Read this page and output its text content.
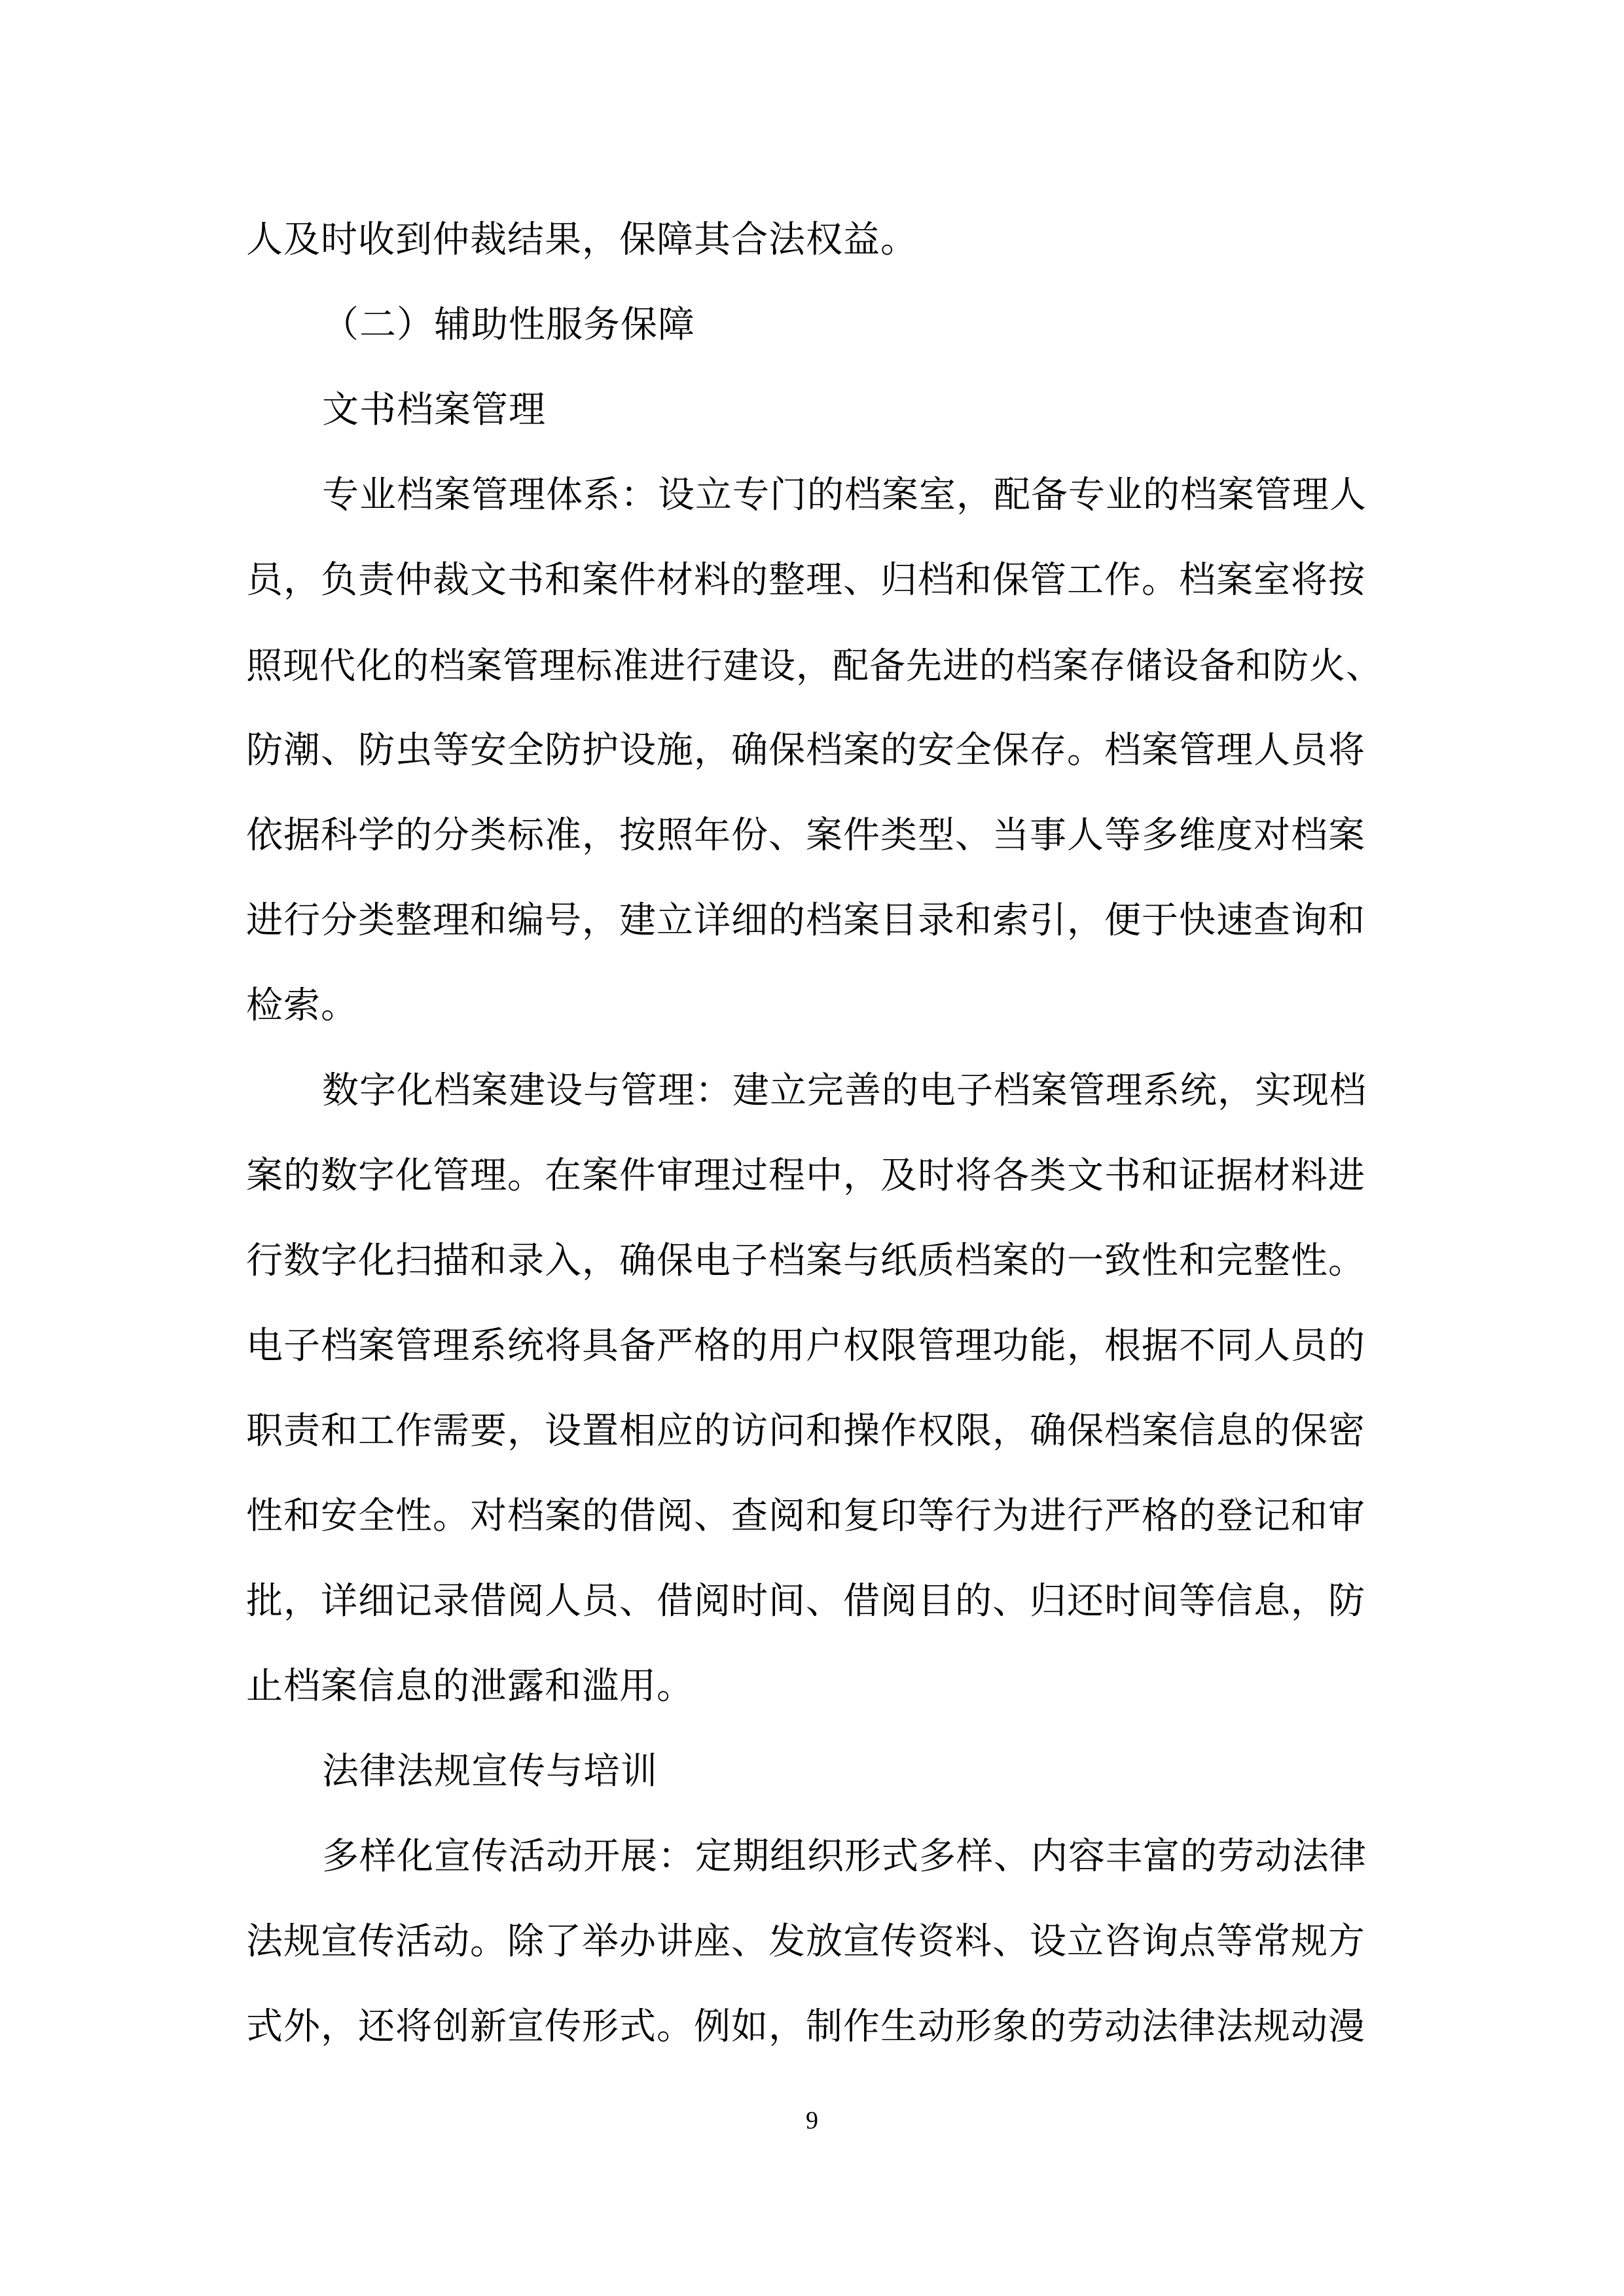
人及时收到仲裁结果，保障其合法权益。
（二）辅助性服务保障
文书档案管理
专业档案管理体系：设立专门的档案室，配备专业的档案管理人
员，负责仲裁文书和案件材料的整理、归档和保管工作。档案室将按
照现代化的档案管理标准进行建设，配备先进的档案存储设备和防火、
防潮、防虫等安全防护设施，确保档案的安全保存。档案管理人员将
依据科学的分类标准，按照年份、案件类型、当事人等多维度对档案
进行分类整理和编号，建立详细的档案目录和索引，便于快速查询和
检索。
数字化档案建设与管理：建立完善的电子档案管理系统，实现档
案的数字化管理。在案件审理过程中，及时将各类文书和证据材料进
行数字化扫描和录入，确保电子档案与纸质档案的一致性和完整性。
电子档案管理系统将具备严格的用户权限管理功能，根据不同人员的
职责和工作需要，设置相应的访问和操作权限，确保档案信息的保密
性和安全性。对档案的借阅、查阅和复印等行为进行严格的登记和审
批，详细记录借阅人员、借阅时间、借阅目的、归还时间等信息，防
止档案信息的泄露和滥用。
法律法规宣传与培训
多样化宣传活动开展：定期组织形式多样、内容丰富的劳动法律
法规宣传活动。除了举办讲座、发放宣传资料、设立咨询点等常规方
式外，还将创新宣传形式。例如，制作生动形象的劳动法律法规动漫
9
